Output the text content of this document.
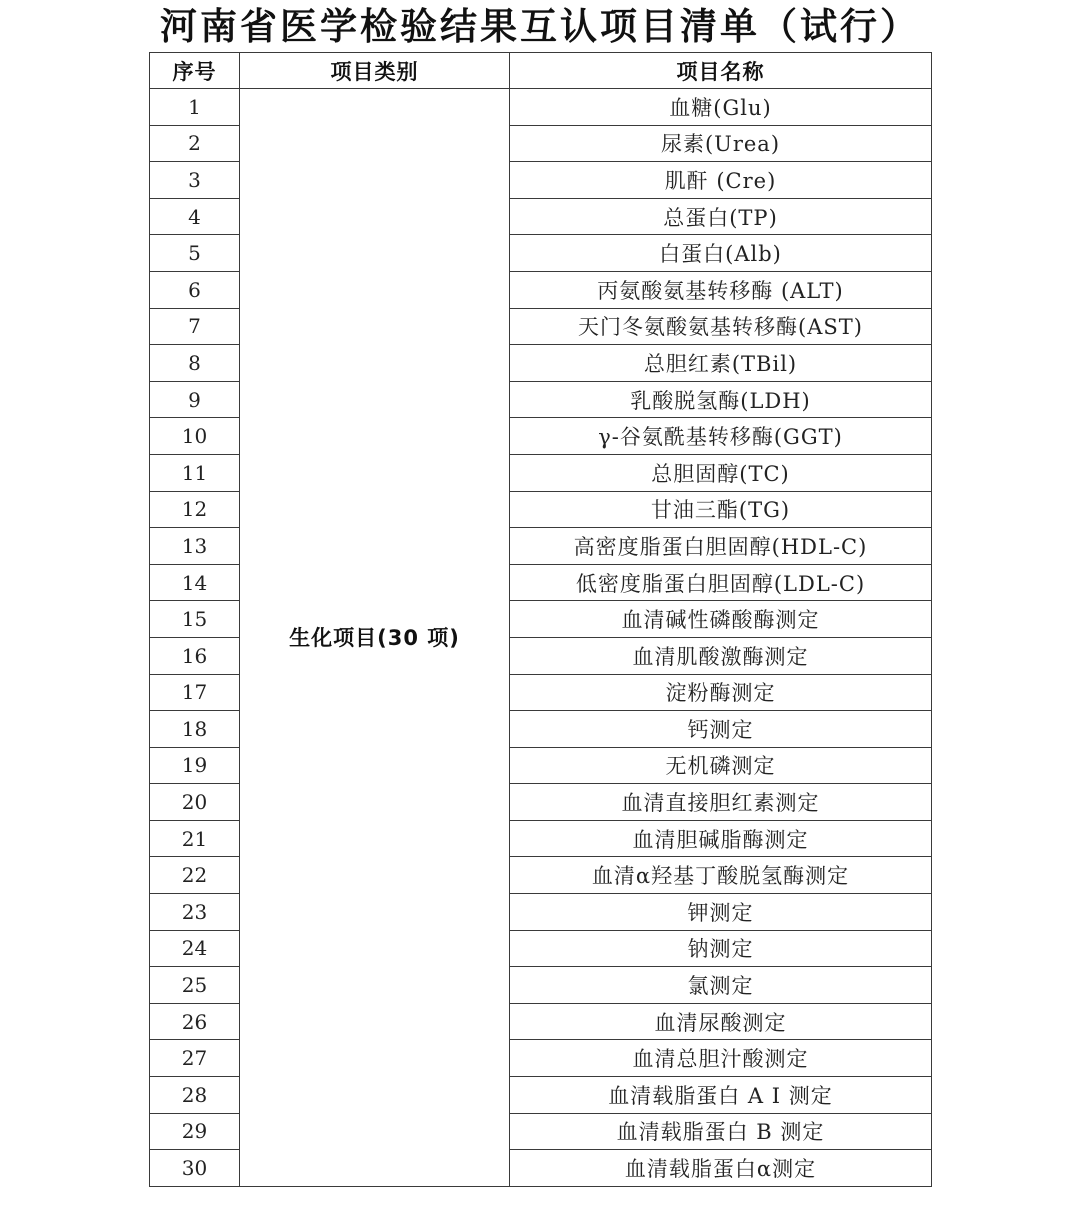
河南省医学检验结果互认项目清单（试行）
序号	项目类别	项目名称
1	生化项目(30 项)	血糖(Glu)
2		尿素(Urea)
3		肌酐 (Cre)
4		总蛋白(TP)
5		白蛋白(Alb)
6		丙氨酸氨基转移酶 (ALT)
7		天门冬氨酸氨基转移酶(AST)
8		总胆红素(TBil)
9		乳酸脱氢酶(LDH)
10		γ-谷氨酰基转移酶(GGT)
11		总胆固醇(TC)
12		甘油三酯(TG)
13		高密度脂蛋白胆固醇(HDL-C)
14		低密度脂蛋白胆固醇(LDL-C)
15		血清碱性磷酸酶测定
16		血清肌酸激酶测定
17		淀粉酶测定
18		钙测定
19		无机磷测定
20		血清直接胆红素测定
21		血清胆碱脂酶测定
22		血清α羟基丁酸脱氢酶测定
23		钾测定
24		钠测定
25		氯测定
26		血清尿酸测定
27		血清总胆汁酸测定
28		血清载脂蛋白 A I 测定
29		血清载脂蛋白 B 测定
30		血清载脂蛋白α测定
